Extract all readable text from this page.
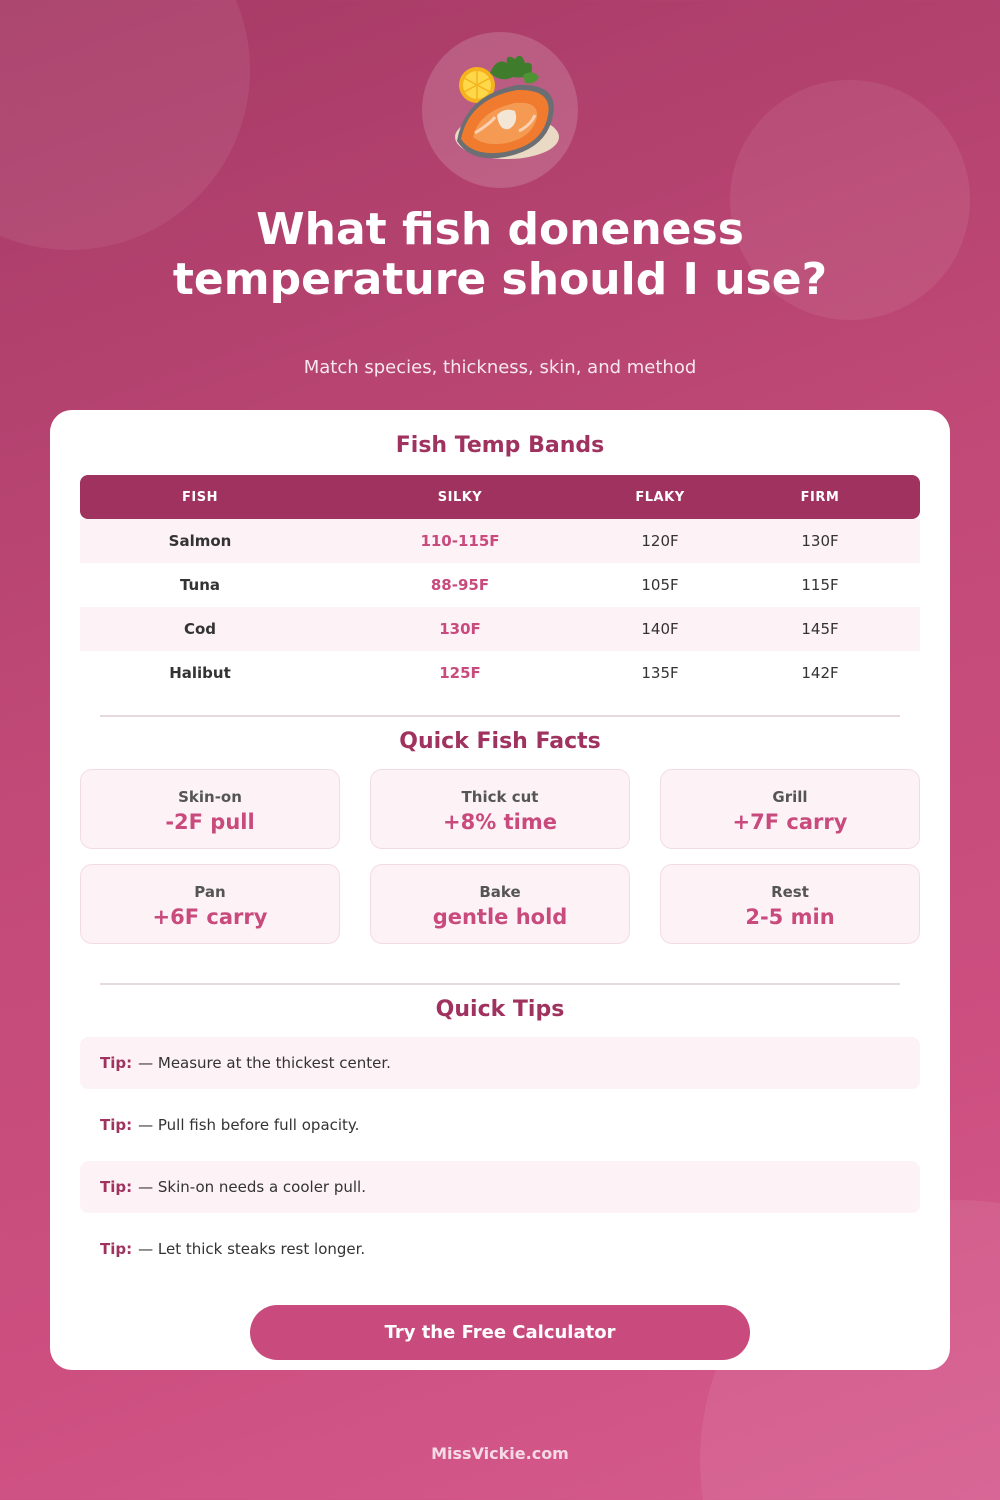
What fish doneness
temperature should I use?
Match species, thickness, skin, and method
Fish Temp Bands
FISH	SILKY	FLAKY	FIRM
Salmon	110-115F	120F	130F
Tuna	88-95F	105F	115F
Cod	130F	140F	145F
Halibut	125F	135F	142F
Quick Fish Facts
Skin-on
-2F pull
Thick cut
+8% time
Grill
+7F carry
Pan
+6F carry
Bake
gentle hold
Rest
2-5 min
Quick Tips
Tip: — Measure at the thickest center.
Tip: — Pull fish before full opacity.
Tip: — Skin-on needs a cooler pull.
Tip: — Let thick steaks rest longer.
Try the Free Calculator
MissVickie.com
